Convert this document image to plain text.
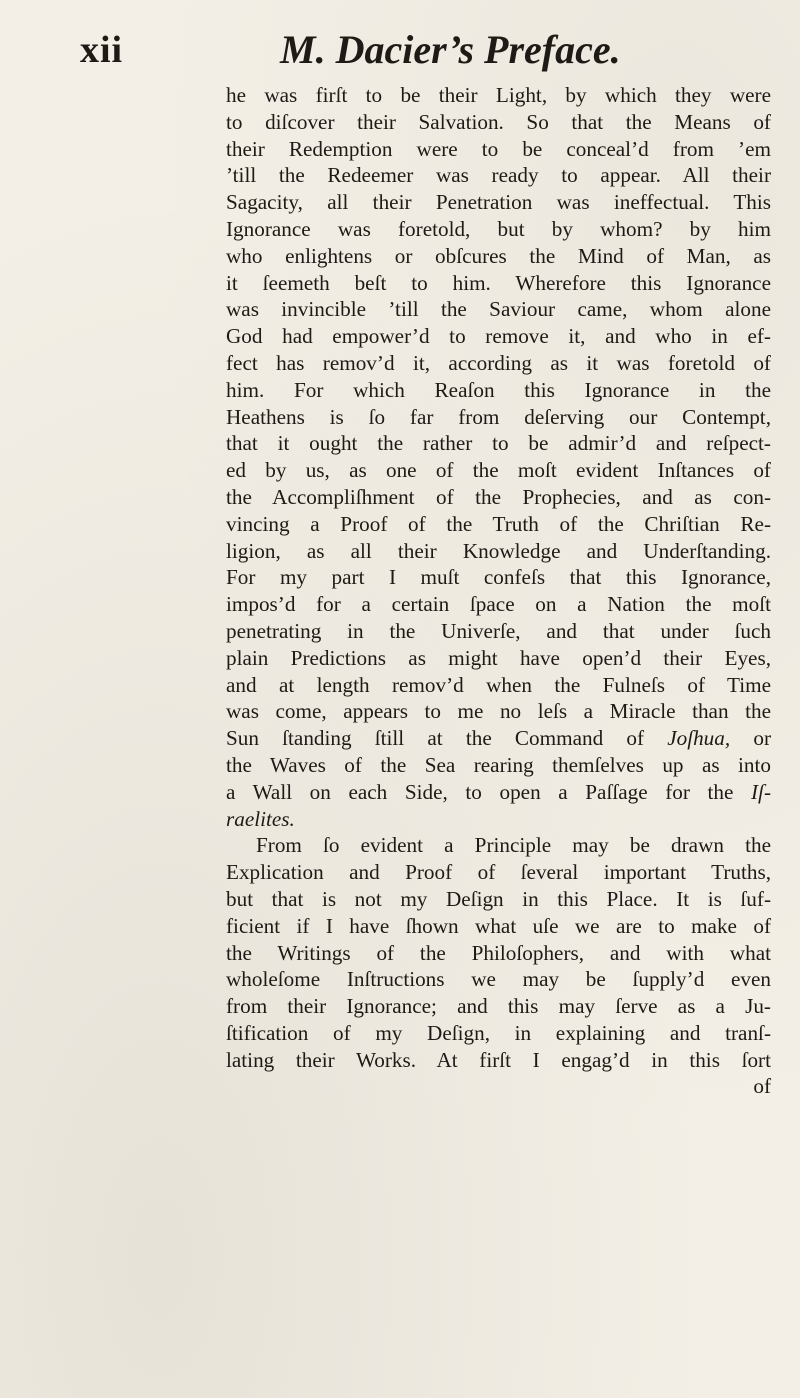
xii	M. Dacier’s Preface.
he was firſt to be their Light, by which they were
to diſcover their Salvation. So that the Means of
their Redemption were to be conceal’d from ’em
’till the Redeemer was ready to appear. All their
Sagacity, all their Penetration was ineffectual. This
Ignorance was foretold, but by whom? by him
who enlightens or obſcures the Mind of Man, as
it ſeemeth beſt to him. Wherefore this Ignorance
was invincible ’till the Saviour came, whom alone
God had empower’d to remove it, and who in ef-
fect has remov’d it, according as it was foretold of
him. For which Reaſon this Ignorance in the
Heathens is ſo far from deſerving our Contempt,
that it ought the rather to be admir’d and reſpect-
ed by us, as one of the moſt evident Inſtances of
the Accompliſhment of the Prophecies, and as con-
vincing a Proof of the Truth of the Chriſtian Re-
ligion, as all their Knowledge and Underſtanding.
For my part I muſt confeſs that this Ignorance,
impos’d for a certain ſpace on a Nation the moſt
penetrating in the Univerſe, and that under ſuch
plain Predictions as might have open’d their Eyes,
and at length remov’d when the Fulneſs of Time
was come, appears to me no leſs a Miracle than the
Sun ſtanding ſtill at the Command of Joſhua, or
the Waves of the Sea rearing themſelves up as into
a Wall on each Side, to open a Paſſage for the Iſ-
raelites.
From ſo evident a Principle may be drawn the
Explication and Proof of ſeveral important Truths,
but that is not my Deſign in this Place. It is ſuf-
ficient if I have ſhown what uſe we are to make of
the Writings of the Philoſophers, and with what
wholeſome Inſtructions we may be ſupply’d even
from their Ignorance; and this may ſerve as a Ju-
ſtification of my Deſign, in explaining and tranſ-
lating their Works. At firſt I engag’d in this ſort
of
